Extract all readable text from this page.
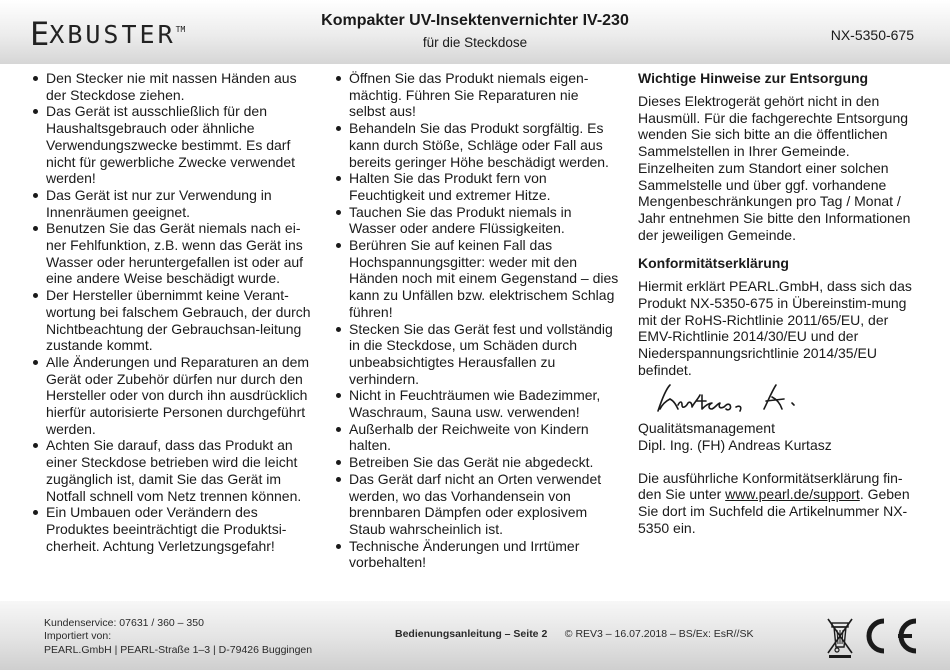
EXBUSTER™
Kompakter UV-Insektenvernichter IV-230
für die Steckdose	NX-5350-675
Den Stecker nie mit nassen Händen aus der Steckdose ziehen.
Das Gerät ist ausschließlich für den Haushaltsgebrauch oder ähnliche Verwendungszwecke bestimmt. Es darf nicht für gewerbliche Zwecke verwendet werden!
Das Gerät ist nur zur Verwendung in Innenräumen geeignet.
Benutzen Sie das Gerät niemals nach ei-ner Fehlfunktion, z.B. wenn das Gerät ins Wasser oder heruntergefallen ist oder auf eine andere Weise beschädigt wurde.
Der Hersteller übernimmt keine Verant-wortung bei falschem Gebrauch, der durch Nichtbeachtung der Gebrauchsan-leitung zustande kommt.
Alle Änderungen und Reparaturen an dem Gerät oder Zubehör dürfen nur durch den Hersteller oder von durch ihn ausdrücklich hierfür autorisierte Personen durchgeführt werden.
Achten Sie darauf, dass das Produkt an einer Steckdose betrieben wird die leicht zugänglich ist, damit Sie das Gerät im Notfall schnell vom Netz trennen können.
Ein Umbauen oder Verändern des Produktes beeinträchtigt die Produktsi-cherheit. Achtung Verletzungsgefahr!
Öffnen Sie das Produkt niemals eigen-mächtig. Führen Sie Reparaturen nie selbst aus!
Behandeln Sie das Produkt sorgfältig. Es kann durch Stöße, Schläge oder Fall aus bereits geringer Höhe beschädigt werden.
Halten Sie das Produkt fern von Feuchtigkeit und extremer Hitze.
Tauchen Sie das Produkt niemals in Wasser oder andere Flüssigkeiten.
Berühren Sie auf keinen Fall das Hochspannungsgitter: weder mit den Händen noch mit einem Gegenstand – dies kann zu Unfällen bzw. elektrischem Schlag führen!
Stecken Sie das Gerät fest und vollständig in die Steckdose, um Schäden durch unbeabsichtigtes Herausfallen zu verhindern.
Nicht in Feuchträumen wie Badezimmer, Waschraum, Sauna usw. verwenden!
Außerhalb der Reichweite von Kindern halten.
Betreiben Sie das Gerät nie abgedeckt.
Das Gerät darf nicht an Orten verwendet werden, wo das Vorhandensein von brennbaren Dämpfen oder explosivem Staub wahrscheinlich ist.
Technische Änderungen und Irrtümer vorbehalten!
Wichtige Hinweise zur Entsorgung
Dieses Elektrogerät gehört nicht in den Hausmüll. Für die fachgerechte Entsorgung wenden Sie sich bitte an die öffentlichen Sammelstellen in Ihrer Gemeinde. Einzelheiten zum Standort einer solchen Sammelstelle und über ggf. vorhandene Mengenbeschränkungen pro Tag / Monat / Jahr entnehmen Sie bitte den Informationen der jeweiligen Gemeinde.
Konformitätserklärung
Hiermit erklärt PEARL.GmbH, dass sich das Produkt NX-5350-675 in Übereinstim-mung mit der RoHS-Richtlinie 2011/65/EU, der EMV-Richtlinie 2014/30/EU und der Niederspannungsrichtlinie 2014/35/EU befindet.
Qualitätsmanagement
Dipl. Ing. (FH) Andreas Kurtasz
Die ausführliche Konformitätserklärung fin-den Sie unter www.pearl.de/support. Geben Sie dort im Suchfeld die Artikelnummer NX-5350 ein.
Kundenservice: 07631 / 360 – 350
Importiert von:
PEARL.GmbH | PEARL-Straße 1–3 | D-79426 Buggingen
Bedienungsanleitung – Seite 2 © REV3 – 16.07.2018 – BS/Ex: EsR//SK
